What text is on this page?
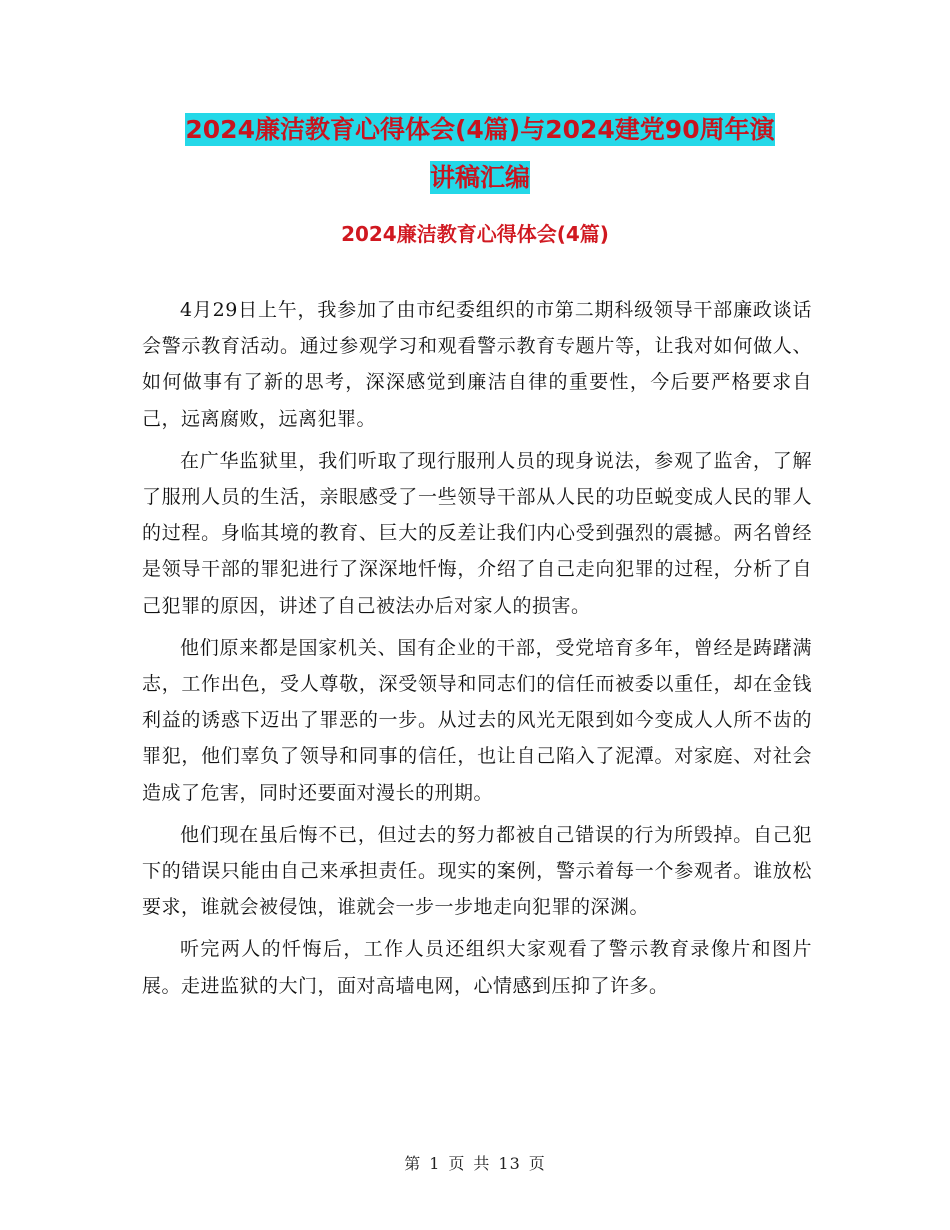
2024廉洁教育心得体会(4篇)与2024建党90周年演
讲稿汇编
2024廉洁教育心得体会(4篇)

4月29日上午，我参加了由市纪委组织的市第二期科级领导干部廉政谈话会警示教育活动。通过参观学习和观看警示教育专题片等，让我对如何做人、如何做事有了新的思考，深深感觉到廉洁自律的重要性，今后要严格要求自己，远离腐败，远离犯罪。

在广华监狱里，我们听取了现行服刑人员的现身说法，参观了监舍，了解了服刑人员的生活，亲眼感受了一些领导干部从人民的功臣蜕变成人民的罪人的过程。身临其境的教育、巨大的反差让我们内心受到强烈的震撼。两名曾经是领导干部的罪犯进行了深深地忏悔，介绍了自己走向犯罪的过程，分析了自己犯罪的原因，讲述了自己被法办后对家人的损害。

他们原来都是国家机关、国有企业的干部，受党培育多年，曾经是踌躇满志，工作出色，受人尊敬，深受领导和同志们的信任而被委以重任，却在金钱利益的诱惑下迈出了罪恶的一步。从过去的风光无限到如今变成人人所不齿的罪犯，他们辜负了领导和同事的信任，也让自己陷入了泥潭。对家庭、对社会造成了危害，同时还要面对漫长的刑期。

他们现在虽后悔不已，但过去的努力都被自己错误的行为所毁掉。自己犯下的错误只能由自己来承担责任。现实的案例，警示着每一个参观者。谁放松要求，谁就会被侵蚀，谁就会一步一步地走向犯罪的深渊。

听完两人的忏悔后，工作人员还组织大家观看了警示教育录像片和图片展。走进监狱的大门，面对高墙电网，心情感到压抑了许多。

第 1 页 共 13 页
